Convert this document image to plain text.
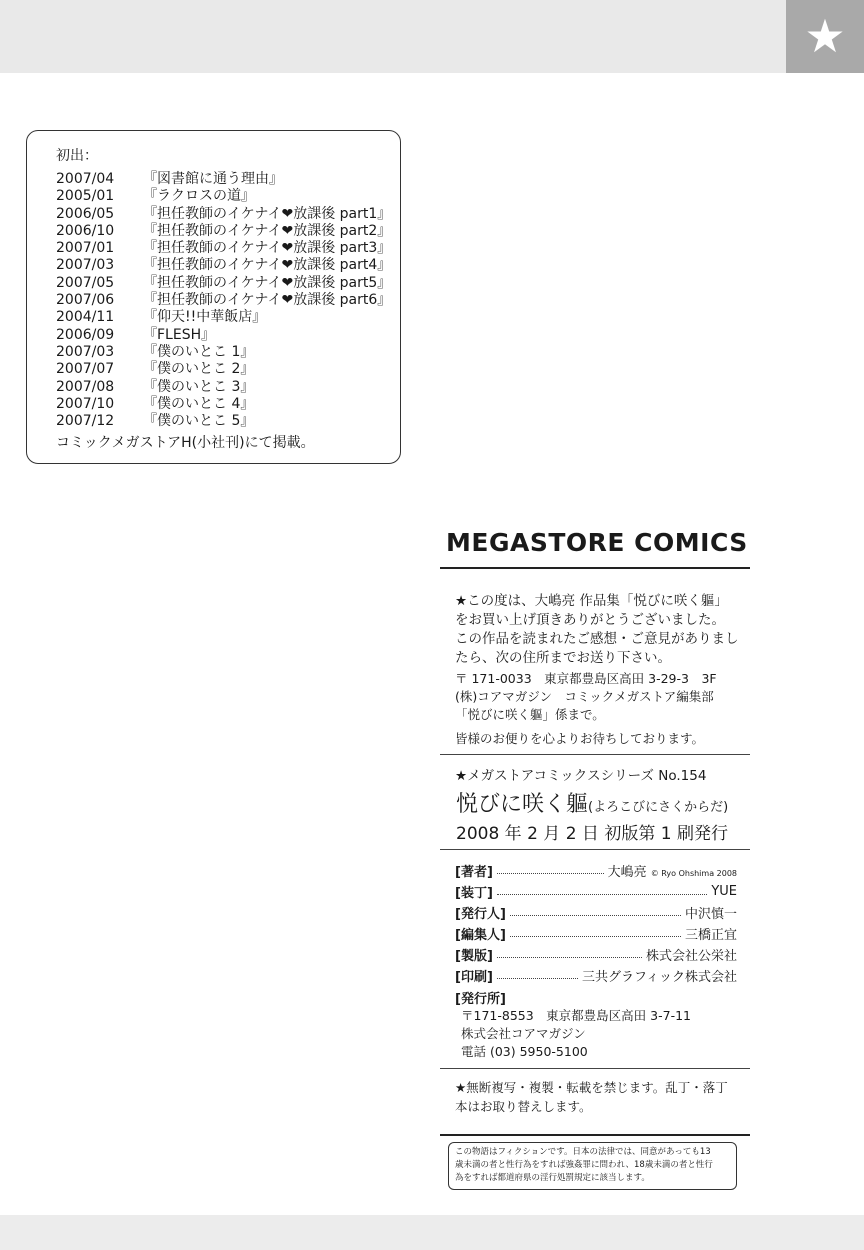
★
初出：
2007/04 『図書館に通う理由』
2005/01 『ラクロスの道』
2006/05 『担任教師のイケナイ❤放課後 part1』
2006/10 『担任教師のイケナイ❤放課後 part2』
2007/01 『担任教師のイケナイ❤放課後 part3』
2007/03 『担任教師のイケナイ❤放課後 part4』
2007/05 『担任教師のイケナイ❤放課後 part5』
2007/06 『担任教師のイケナイ❤放課後 part6』
2004/11 『仰天!!中華飯店』
2006/09 『FLESH』
2007/03 『僕のいとこ 1』
2007/07 『僕のいとこ 2』
2007/08 『僕のいとこ 3』
2007/10 『僕のいとこ 4』
2007/12 『僕のいとこ 5』
コミックメガストアH(小社刊)にて掲載。
MEGASTORE COMICS
★この度は、大嶋亮 作品集「悦びに咲く軀」
をお買い上げ頂きありがとうございました。
この作品を読まれたご感想・ご意見がありまし
たら、次の住所までお送り下さい。
〒 171-0033　東京都豊島区高田 3-29-3　3F
(株)コアマガジン　コミックメガストア編集部
「悦びに咲く軀」係まで。
皆様のお便りを心よりお待ちしております。
★メガストアコミックスシリーズ No.154
悦びに咲く軀(よろこびにさくからだ)
2008 年 2 月 2 日 初版第 1 刷発行
[著者]	大嶋亮 © Ryo Ohshima 2008
[装丁]	YUE
[発行人]	中沢慎一
[編集人]	三橋正宜
[製版]	株式会社公栄社
[印刷]	三共グラフィック株式会社
[発行所]
〒171-8553　東京都豊島区高田 3-7-11
株式会社コアマガジン
電話 (03) 5950-5100
★無断複写・複製・転載を禁じます。乱丁・落丁
本はお取り替えします。
この物語はフィクションです。日本の法律では、同意があっても13
歳未満の者と性行為をすれば強姦罪に問われ、18歳未満の者と性行
為をすれば都道府県の淫行処罰規定に該当します。
